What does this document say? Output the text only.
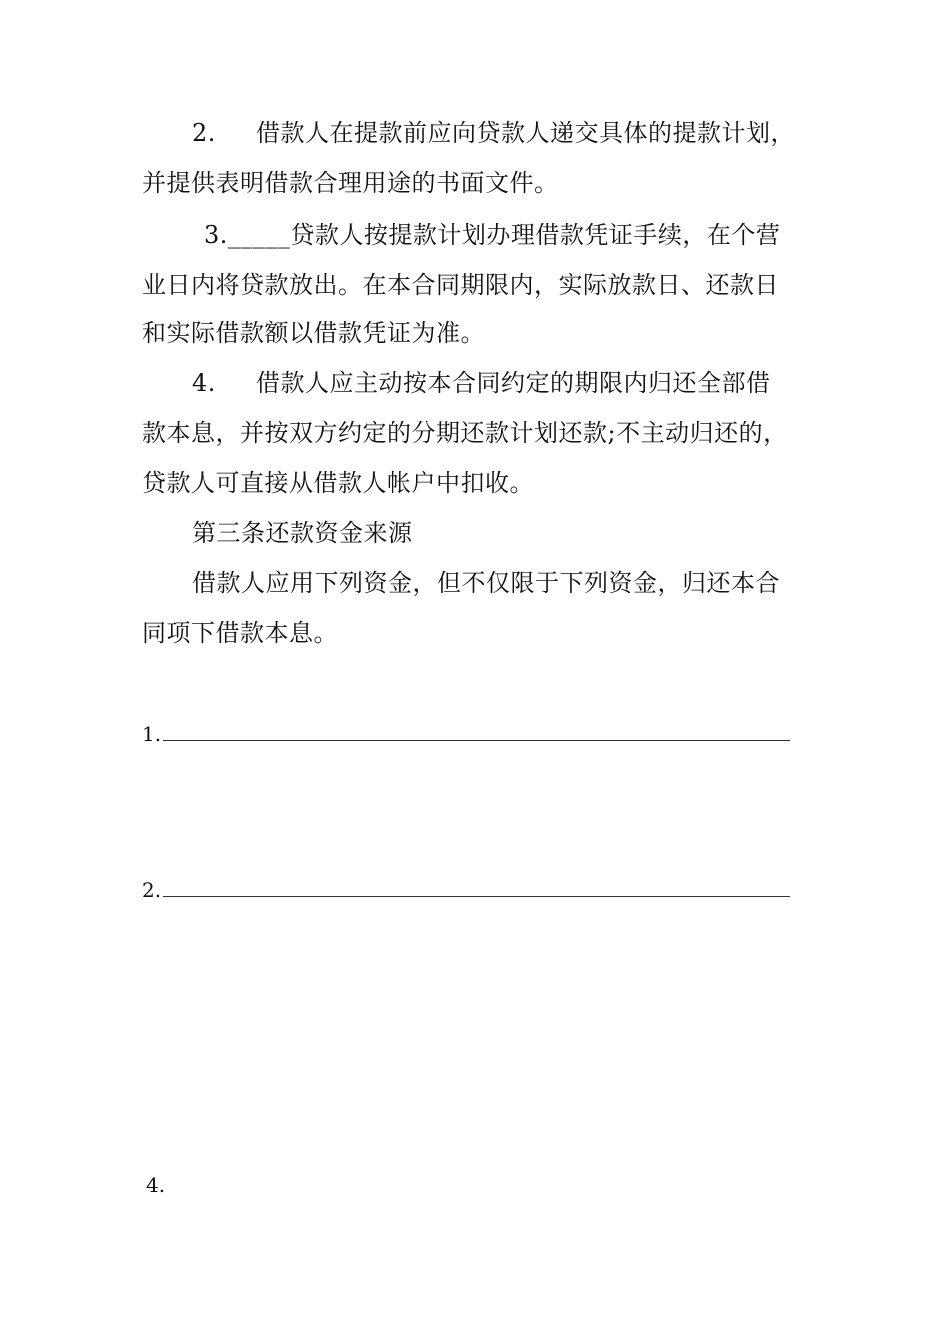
2. 借款人在提款前应向贷款人递交具体的提款计划，
并提供表明借款合理用途的书面文件。
3._____贷款人按提款计划办理借款凭证手续，在个营
业日内将贷款放出。在本合同期限内，实际放款日、还款日
和实际借款额以借款凭证为准。
4. 借款人应主动按本合同约定的期限内归还全部借
款本息，并按双方约定的分期还款计划还款;不主动归还的，
贷款人可直接从借款人帐户中扣收。
第三条还款资金来源
借款人应用下列资金，但不仅限于下列资金，归还本合
同项下借款本息。
1.
2.
4.
